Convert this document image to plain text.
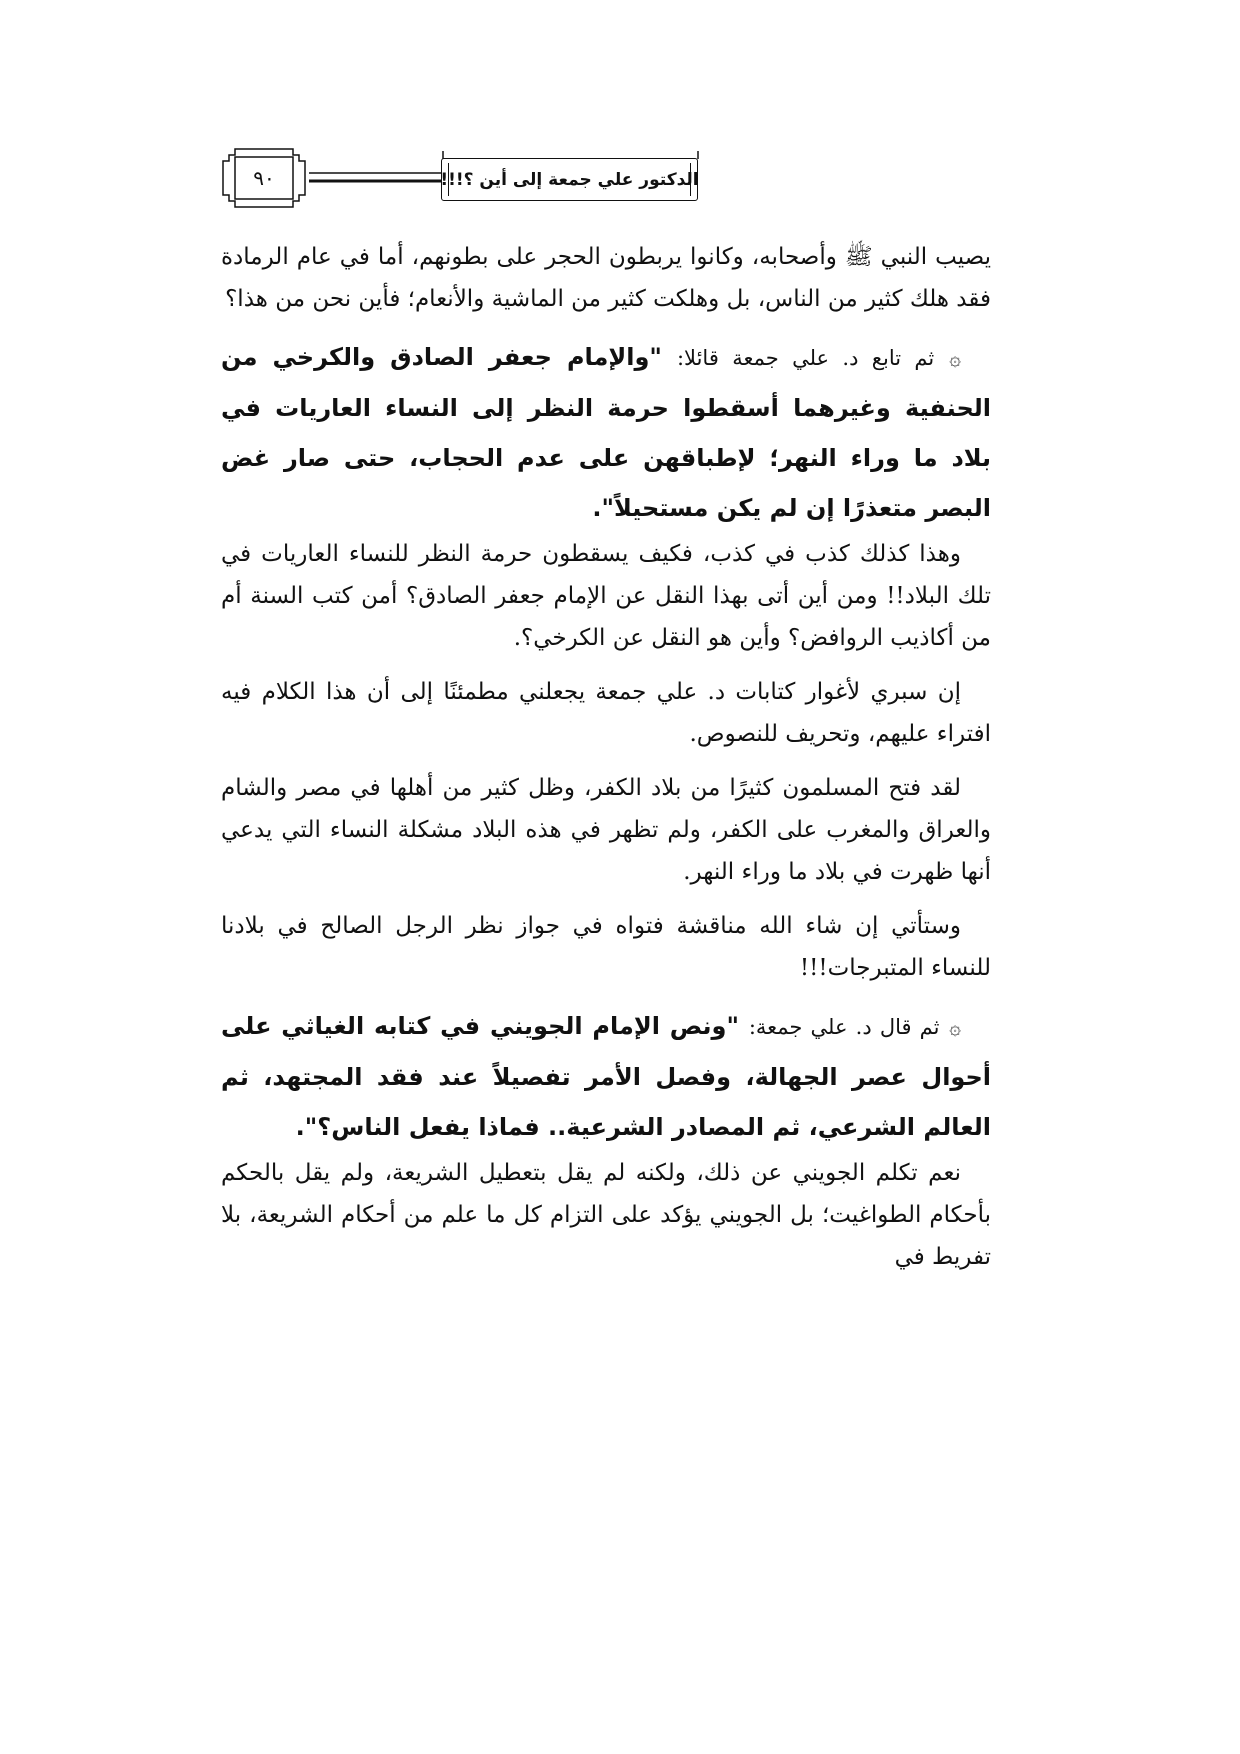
٩٠	الدكتور علي جمعة إلى أين ؟!!!

يصيب النبي ﷺ وأصحابه، وكانوا يربطون الحجر على بطونهم، أما في عام الرمادة فقد هلك كثير من الناس، بل وهلكت كثير من الماشية والأنعام؛ فأين نحن من هذا؟

۞ ثم تابع د. علي جمعة قائلا: "والإمام جعفر الصادق والكرخي من الحنفية وغيرهما أسقطوا حرمة النظر إلى النساء العاريات في بلاد ما وراء النهر؛ لإطباقهن على عدم الحجاب، حتى صار غض البصر متعذرًا إن لم يكن مستحيلاً".

وهذا كذلك كذب في كذب، فكيف يسقطون حرمة النظر للنساء العاريات في تلك البلاد!! ومن أين أتى بهذا النقل عن الإمام جعفر الصادق؟ أمن كتب السنة أم من أكاذيب الروافض؟ وأين هو النقل عن الكرخي؟.

إن سبري لأغوار كتابات د. علي جمعة يجعلني مطمئنًا إلى أن هذا الكلام فيه افتراء عليهم، وتحريف للنصوص.

لقد فتح المسلمون كثيرًا من بلاد الكفر، وظل كثير من أهلها في مصر والشام والعراق والمغرب على الكفر، ولم تظهر في هذه البلاد مشكلة النساء التي يدعي أنها ظهرت في بلاد ما وراء النهر.

وستأتي إن شاء الله مناقشة فتواه في جواز نظر الرجل الصالح في بلادنا للنساء المتبرجات!!!

۞ ثم قال د. علي جمعة: "ونص الإمام الجويني في كتابه الغياثي على أحوال عصر الجهالة، وفصل الأمر تفصيلاً عند فقد المجتهد، ثم العالم الشرعي، ثم المصادر الشرعية.. فماذا يفعل الناس؟".

نعم تكلم الجويني عن ذلك، ولكنه لم يقل بتعطيل الشريعة، ولم يقل بالحكم بأحكام الطواغيت؛ بل الجويني يؤكد على التزام كل ما علم من أحكام الشريعة، بلا تفريط في
